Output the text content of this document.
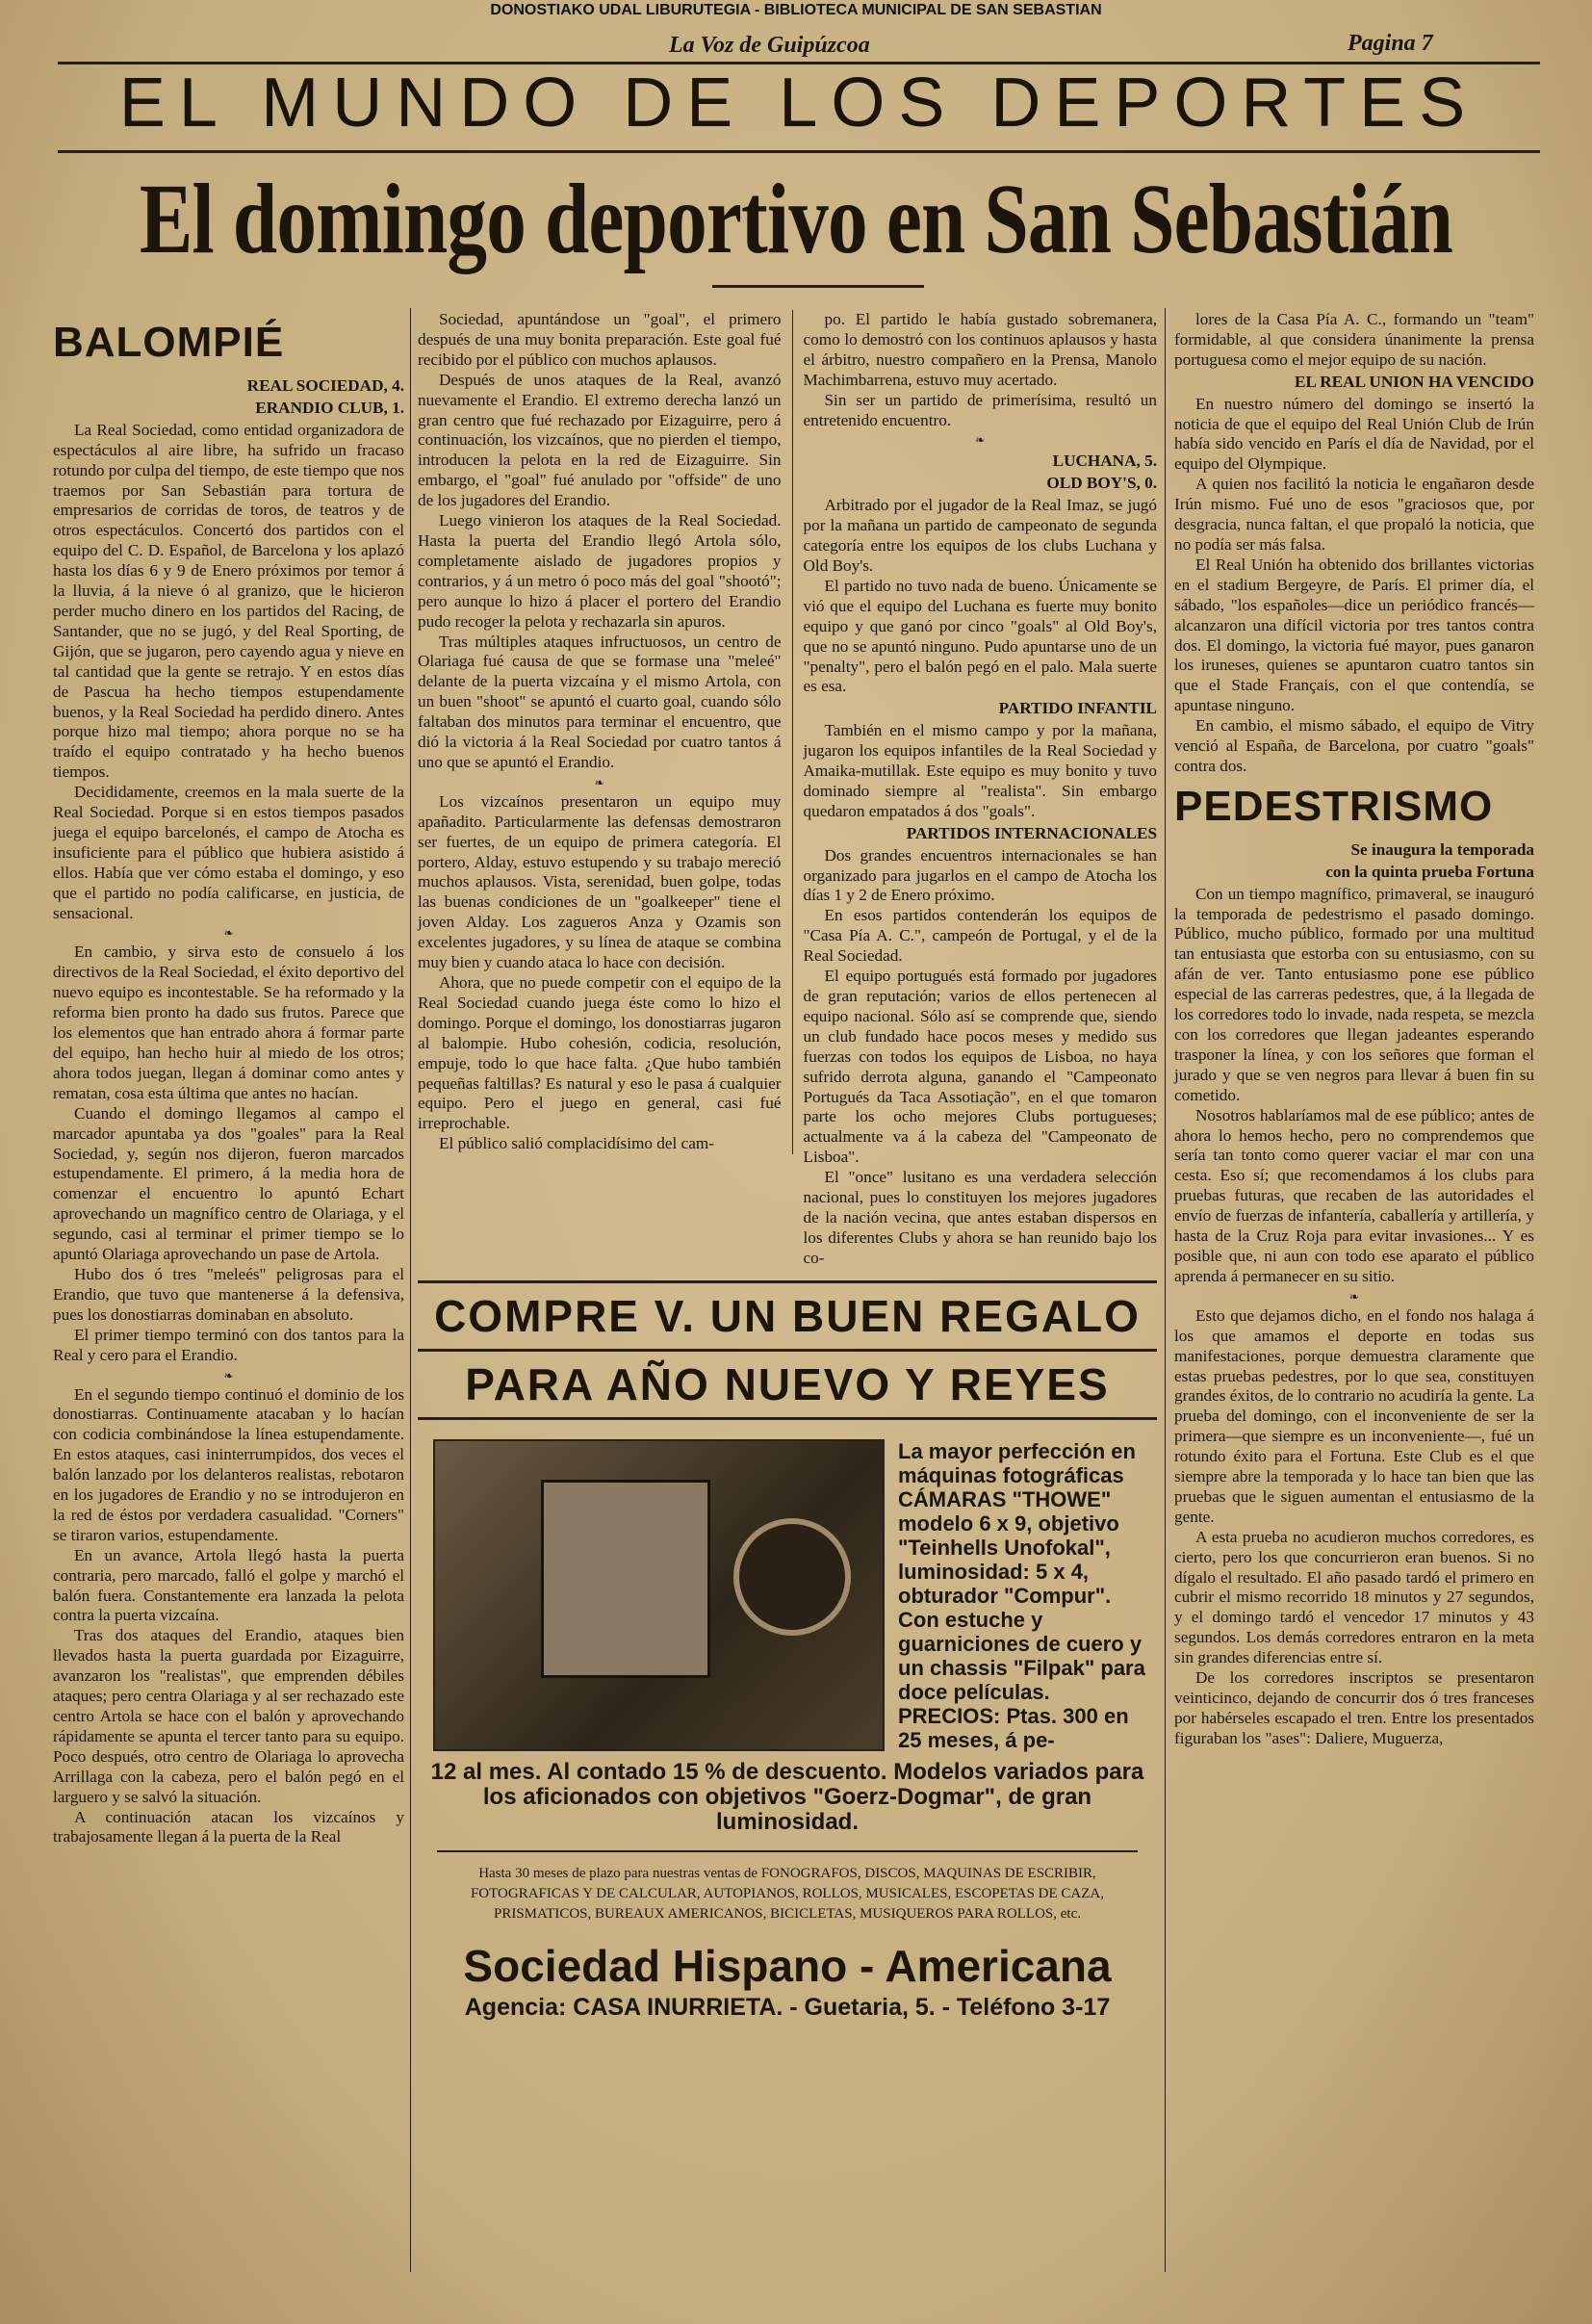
DONOSTIAKO UDAL LIBURUTEGIA - BIBLIOTECA MUNICIPAL DE SAN SEBASTIAN
La Voz de Guipúzcoa	Pagina 7
EL MUNDO DE LOS DEPORTES
El domingo deportivo en San Sebastián
BALOMPIÉ
REAL SOCIEDAD, 4.
ERANDIO CLUB, 1.

La Real Sociedad, como entidad organizadora de espectáculos al aire libre, ha sufrido un fracaso rotundo por culpa del tiempo, de este tiempo que nos traemos por San Sebastián para tortura de empresarios de corridas de toros, de teatros y de otros espectáculos. Concertó dos partidos con el equipo del C. D. Español, de Barcelona y los aplazó hasta los días 6 y 9 de Enero próximos por temor á la lluvia, á la nieve ó al granizo, que le hicieron perder mucho dinero en los partidos del Racing, de Santander, que no se jugó, y del Real Sporting, de Gijón, que se jugaron, pero cayendo agua y nieve en tal cantidad que la gente se retrajo. Y en estos días de Pascua ha hecho tiempos estupendamente buenos, y la Real Sociedad ha perdido dinero. Antes porque hizo mal tiempo; ahora porque no se ha traído el equipo contratado y ha hecho buenos tiempos.

Decididamente, creemos en la mala suerte de la Real Sociedad. Porque si en estos tiempos pasados juega el equipo barcelonés, el campo de Atocha es insuficiente para el público que hubiera asistido á ellos. Había que ver cómo estaba el domingo, y eso que el partido no podía calificarse, en justicia, de sensacional.

❧

En cambio, y sirva esto de consuelo á los directivos de la Real Sociedad, el éxito deportivo del nuevo equipo es incontestable. Se ha reformado y la reforma bien pronto ha dado sus frutos. Parece que los elementos que han entrado ahora á formar parte del equipo, han hecho huir al miedo de los otros; ahora todos juegan, llegan á dominar como antes y rematan, cosa esta última que antes no hacían.

Cuando el domingo llegamos al campo el marcador apuntaba ya dos "goales" para la Real Sociedad, y, según nos dijeron, fueron marcados estupendamente. El primero, á la media hora de comenzar el encuentro lo apuntó Echart aprovechando un magnífico centro de Olariaga, y el segundo, casi al terminar el primer tiempo se lo apuntó Olariaga aprovechando un pase de Artola.

Hubo dos ó tres "meleés" peligrosas para el Erandio, que tuvo que mantenerse á la defensiva, pues los donostiarras dominaban en absoluto.

El primer tiempo terminó con dos tantos para la Real y cero para el Erandio.

❧

En el segundo tiempo continuó el dominio de los donostiarras. Continuamente atacaban y lo hacían con codicia combinándose la línea estupendamente. En estos ataques, casi ininterrumpidos, dos veces el balón lanzado por los delanteros realistas, rebotaron en los jugadores de Erandio y no se introdujeron en la red de éstos por verdadera casualidad. "Corners" se tiraron varios, estupendamente.

En un avance, Artola llegó hasta la puerta contraria, pero marcado, falló el golpe y marchó el balón fuera. Constantemente era lanzada la pelota contra la puerta vizcaína.

Tras dos ataques del Erandio, ataques bien llevados hasta la puerta guardada por Eizaguirre, avanzaron los "realistas", que emprenden débiles ataques; pero centra Olariaga y al ser rechazado este centro Artola se hace con el balón y aprovechando rápidamente se apunta el tercer tanto para su equipo. Poco después, otro centro de Olariaga lo aprovecha Arrillaga con la cabeza, pero el balón pegó en el larguero y se salvó la situación.

A continuación atacan los vizcaínos y trabajosamente llegan á la puerta de la Real

Sociedad, apuntándose un "goal", el primero después de una muy bonita preparación. Este goal fué recibido por el público con muchos aplausos.

Después de unos ataques de la Real, avanzó nuevamente el Erandio. El extremo derecha lanzó un gran centro que fué rechazado por Eizaguirre, pero á continuación, los vizcaínos, que no pierden el tiempo, introducen la pelota en la red de Eizaguirre. Sin embargo, el "goal" fué anulado por "offside" de uno de los jugadores del Erandio.

Luego vinieron los ataques de la Real Sociedad. Hasta la puerta del Erandio llegó Artola sólo, completamente aislado de jugadores propios y contrarios, y á un metro ó poco más del goal "shootó"; pero aunque lo hizo á placer el portero del Erandio pudo recoger la pelota y rechazarla sin apuros.

Tras múltiples ataques infructuosos, un centro de Olariaga fué causa de que se formase una "meleé" delante de la puerta vizcaína y el mismo Artola, con un buen "shoot" se apuntó el cuarto goal, cuando sólo faltaban dos minutos para terminar el encuentro, que dió la victoria á la Real Sociedad por cuatro tantos á uno que se apuntó el Erandio.

❧

Los vizcaínos presentaron un equipo muy apañadito. Particularmente las defensas demostraron ser fuertes, de un equipo de primera categoría. El portero, Alday, estuvo estupendo y su trabajo mereció muchos aplausos. Vista, serenidad, buen golpe, todas las buenas condiciones de un "goalkeeper" tiene el joven Alday. Los zagueros Anza y Ozamis son excelentes jugadores, y su línea de ataque se combina muy bien y cuando ataca lo hace con decisión.

Ahora, que no puede competir con el equipo de la Real Sociedad cuando juega éste como lo hizo el domingo. Porque el domingo, los donostiarras jugaron al balompie. Hubo cohesión, codicia, resolución, empuje, todo lo que hace falta. ¿Que hubo también pequeñas faltillas? Es natural y eso le pasa á cualquier equipo. Pero el juego en general, casi fué irreprochable.

El público salió complacidísimo del cam-

po. El partido le había gustado sobremanera, como lo demostró con los continuos aplausos y hasta el árbitro, nuestro compañero en la Prensa, Manolo Machimbarrena, estuvo muy acertado.

Sin ser un partido de primerísima, resultó un entretenido encuentro.

❧
LUCHANA, 5.
OLD BOY'S, 0.

Arbitrado por el jugador de la Real Imaz, se jugó por la mañana un partido de campeonato de segunda categoría entre los equipos de los clubs Luchana y Old Boy's.

El partido no tuvo nada de bueno. Únicamente se vió que el equipo del Luchana es fuerte muy bonito equipo y que ganó por cinco "goals" al Old Boy's, que no se apuntó ninguno. Pudo apuntarse uno de un "penalty", pero el balón pegó en el palo. Mala suerte es esa.

PARTIDO INFANTIL

También en el mismo campo y por la mañana, jugaron los equipos infantiles de la Real Sociedad y Amaika-mutillak. Este equipo es muy bonito y tuvo dominado siempre al "realista". Sin embargo quedaron empatados á dos "goals".

PARTIDOS INTERNACIONALES

Dos grandes encuentros internacionales se han organizado para jugarlos en el campo de Atocha los días 1 y 2 de Enero próximo.

En esos partidos contenderán los equipos de "Casa Pía A. C.", campeón de Portugal, y el de la Real Sociedad.

El equipo portugués está formado por jugadores de gran reputación; varios de ellos pertenecen al equipo nacional. Sólo así se comprende que, siendo un club fundado hace pocos meses y medido sus fuerzas con todos los equipos de Lisboa, no haya sufrido derrota alguna, ganando el "Campeonato Portugués da Taca Assotiação", en el que tomaron parte los ocho mejores Clubs portugueses; actualmente va á la cabeza del "Campeonato de Lisboa".

El "once" lusitano es una verdadera selección nacional, pues lo constituyen los mejores jugadores de la nación vecina, que antes estaban dispersos en los diferentes Clubs y ahora se han reunido bajo los co-

COMPRE V. UN BUEN REGALO
PARA AÑO NUEVO Y REYES
La mayor perfección en máquinas fotográficas CÁMARAS "THOWE" modelo 6 x 9, objetivo "Teinhells Unofokal", luminosidad: 5 x 4, obturador "Compur". Con estuche y guarniciones de cuero y un chassis "Filpak" para doce películas. PRECIOS: Ptas. 300 en 25 meses, á pe-
12 al mes. Al contado 15 % de descuento. Modelos variados para los aficionados con objetivos "Goerz-Dogmar", de gran luminosidad.
Hasta 30 meses de plazo para nuestras ventas de FONOGRAFOS, DISCOS, MAQUINAS DE ESCRIBIR, FOTOGRAFICAS Y DE CALCULAR, AUTOPIANOS, ROLLOS, MUSICALES, ESCOPETAS DE CAZA, PRISMATICOS, BUREAUX AMERICANOS, BICICLETAS, MUSIQUEROS PARA ROLLOS, etc.
Sociedad Hispano - Americana
Agencia: CASA INURRIETA. - Guetaria, 5. - Teléfono 3-17

lores de la Casa Pía A. C., formando un "team" formidable, al que considera únanimente la prensa portuguesa como el mejor equipo de su nación.

EL REAL UNION HA VENCIDO

En nuestro número del domingo se insertó la noticia de que el equipo del Real Unión Club de Irún había sido vencido en París el día de Navidad, por el equipo del Olympique.

A quien nos facilitó la noticia le engañaron desde Irún mismo. Fué uno de esos "graciosos que, por desgracia, nunca faltan, el que propaló la noticia, que no podía ser más falsa.

El Real Unión ha obtenido dos brillantes victorias en el stadium Bergeyre, de París. El primer día, el sábado, "los españoles—dice un periódico francés—alcanzaron una difícil victoria por tres tantos contra dos. El domingo, la victoria fué mayor, pues ganaron los iruneses, quienes se apuntaron cuatro tantos sin que el Stade Français, con el que contendía, se apuntase ninguno.

En cambio, el mismo sábado, el equipo de Vitry venció al España, de Barcelona, por cuatro "goals" contra dos.

PEDESTRISMO
Se inaugura la temporada
con la quinta prueba Fortuna

Con un tiempo magnífico, primaveral, se inauguró la temporada de pedestrismo el pasado domingo. Público, mucho público, formado por una multitud tan entusiasta que estorba con su entusiasmo, con su afán de ver. Tanto entusiasmo pone ese público especial de las carreras pedestres, que, á la llegada de los corredores todo lo invade, nada respeta, se mezcla con los corredores que llegan jadeantes esperando trasponer la línea, y con los señores que forman el jurado y que se ven negros para llevar á buen fin su cometido.

Nosotros hablaríamos mal de ese público; antes de ahora lo hemos hecho, pero no comprendemos que sería tan tonto como querer vaciar el mar con una cesta. Eso sí; que recomendamos á los clubs para pruebas futuras, que recaben de las autoridades el envío de fuerzas de infantería, caballería y artillería, y hasta de la Cruz Roja para evitar invasiones... Y es posible que, ni aun con todo ese aparato el público aprenda á permanecer en su sitio.

❧

Esto que dejamos dicho, en el fondo nos halaga á los que amamos el deporte en todas sus manifestaciones, porque demuestra claramente que estas pruebas pedestres, por lo que sea, constituyen grandes éxitos, de lo contrario no acudiría la gente. La prueba del domingo, con el inconveniente de ser la primera—que siempre es un inconveniente—, fué un rotundo éxito para el Fortuna. Este Club es el que siempre abre la temporada y lo hace tan bien que las pruebas que le siguen aumentan el entusiasmo de la gente.

A esta prueba no acudieron muchos corredores, es cierto, pero los que concurrieron eran buenos. Si no dígalo el resultado. El año pasado tardó el primero en cubrir el mismo recorrido 18 minutos y 27 segundos, y el domingo tardó el vencedor 17 minutos y 43 segundos. Los demás corredores entraron en la meta sin grandes diferencias entre sí.

De los corredores inscriptos se presentaron veinticinco, dejando de concurrir dos ó tres franceses por habérseles escapado el tren. Entre los presentados figuraban los "ases": Daliere, Muguerza,
